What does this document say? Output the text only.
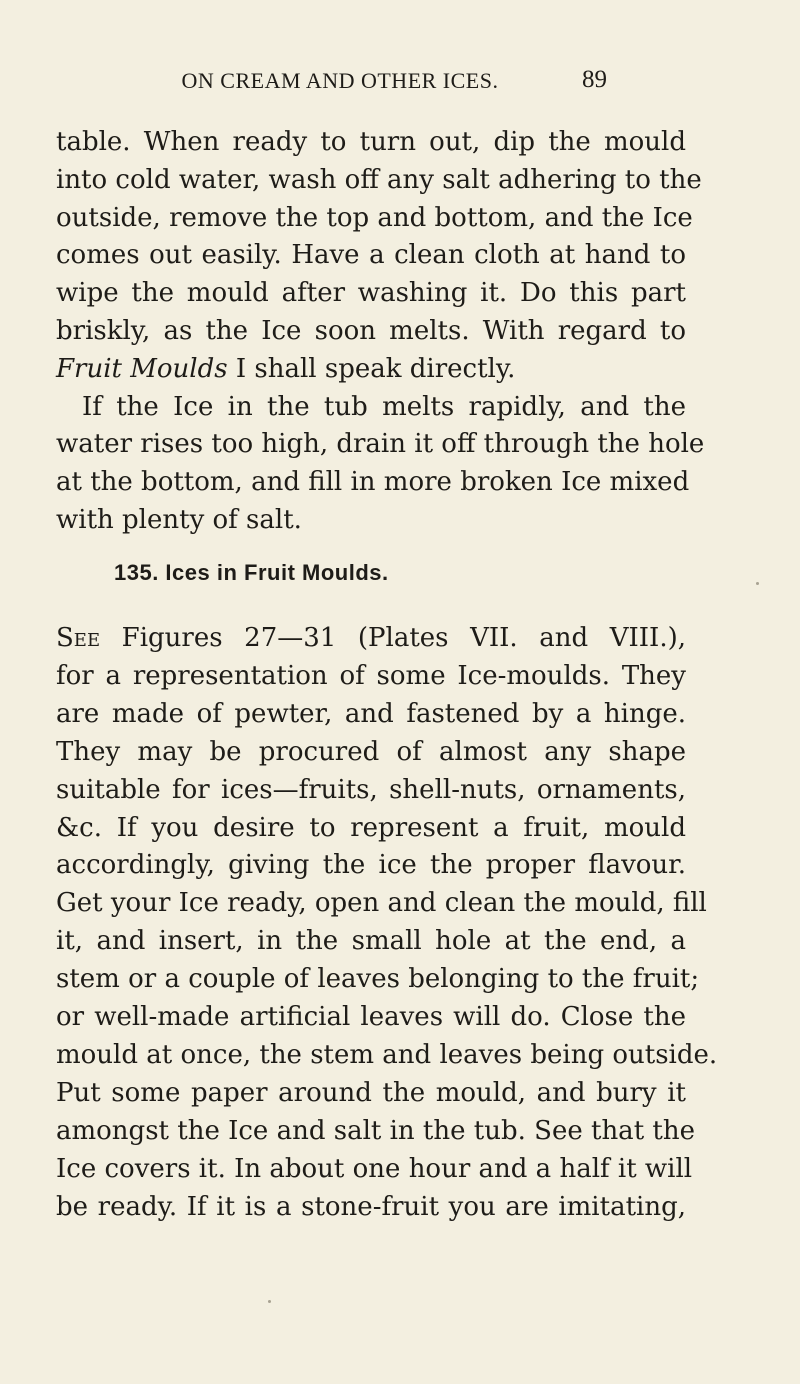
ON CREAM AND OTHER ICES.	89
table. When ready to turn out, dip the mould
into cold water, wash off any salt adhering to the
outside, remove the top and bottom, and the Ice
comes out easily. Have a clean cloth at hand to
wipe the mould after washing it. Do this part
briskly, as the Ice soon melts. With regard to
Fruit Moulds I shall speak directly.
If the Ice in the tub melts rapidly, and the
water rises too high, drain it off through the hole
at the bottom, and fill in more broken Ice mixed
with plenty of salt.
135. Ices in Fruit Moulds.
See Figures 27—31 (Plates VII. and VIII.),
for a representation of some Ice-moulds. They
are made of pewter, and fastened by a hinge.
They may be procured of almost any shape
suitable for ices—fruits, shell-nuts, ornaments,
&c. If you desire to represent a fruit, mould
accordingly, giving the ice the proper flavour.
Get your Ice ready, open and clean the mould, fill
it, and insert, in the small hole at the end, a
stem or a couple of leaves belonging to the fruit;
or well-made artificial leaves will do. Close the
mould at once, the stem and leaves being outside.
Put some paper around the mould, and bury it
amongst the Ice and salt in the tub. See that the
Ice covers it. In about one hour and a half it will
be ready. If it is a stone-fruit you are imitating,
